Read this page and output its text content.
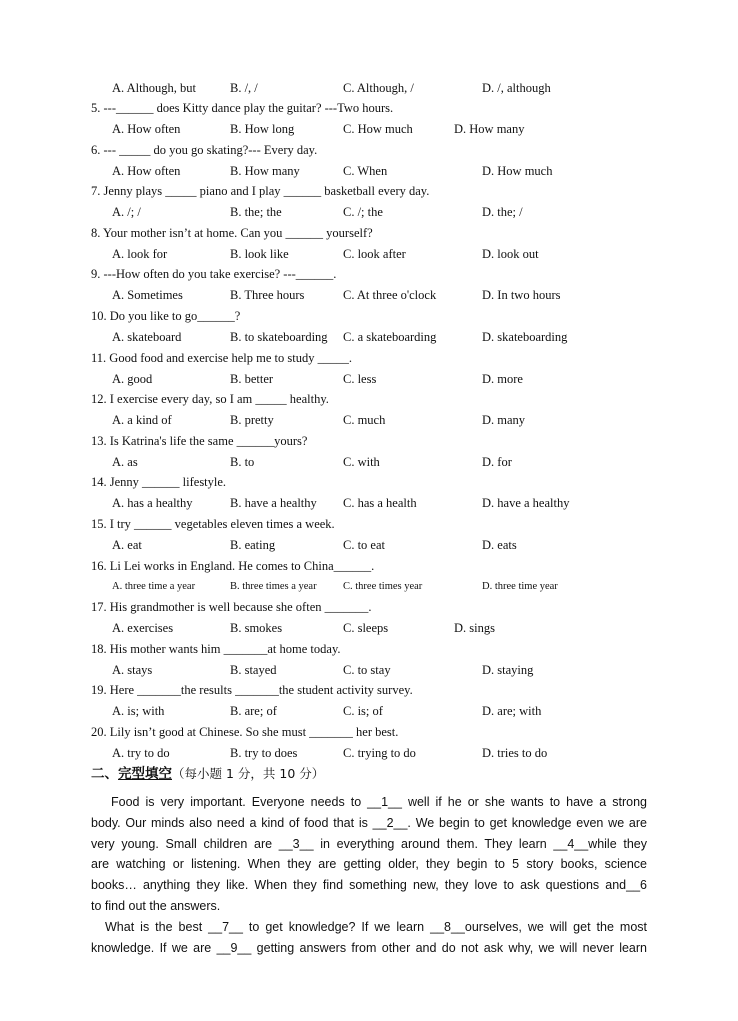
A. Although, but	B. /, /	C. Although, /	D. /, although
5. ---______ does Kitty dance play the guitar? ---Two hours.
A. How often	B. How long	C. How much	D. How many
6. --- _____ do you go skating?--- Every day.
A. How often	B. How many	C. When	D. How much
7. Jenny plays _____ piano and I play ______ basketball every day.
A. /; /	B. the; the	C. /; the	D. the; /
8. Your mother isn’t at home. Can you ______ yourself?
A. look for	B. look like	C. look after	D. look out
9. ---How often do you take exercise? ---______.
A. Sometimes	B. Three hours	C. At three o'clock	D. In two hours
10. Do you like to go______?
A. skateboard	B. to skateboarding C. a skateboarding	D. skateboarding
11. Good food and exercise help me to study _____.
A. good	B. better	C. less	D. more
12. I exercise every day, so I am _____ healthy.
A. a kind of	B. pretty	C. much	D. many
13. Is Katrina's life the same ______yours?
A. as	B. to	C. with	D. for
14. Jenny ______ lifestyle.
A. has a healthy	B. have a healthy C. has a health	D. have a healthy
15. I try ______ vegetables eleven times a week.
A. eat	B. eating	C. to eat	D. eats
16. Li Lei works in England. He comes to China______.
A. three time a year	B. three times a year	C. three times year	D. three time year
17. His grandmother is well because she often _______.
A. exercises	B. smokes	C. sleeps	D. sings
18. His mother wants him _______at home today.
A. stays	B. stayed	C. to stay	D. staying
19. Here _______the results _______the student activity survey.
A. is; with	B. are; of	C. is; of	D. are; with
20. Lily isn’t good at Chinese. So she must _______ her best.
A. try to do	B. try to does	C. trying to do	D. tries to do
二、完型填空（每小题 1 分，共 10 分）
Food is very important. Everyone needs to __1__ well if he or she wants to have a strong
body. Our minds also need a kind of food that is __2__. We begin to get knowledge even we are
very young. Small children are __3__ in everything around them. They learn __4__while they
are watching or listening. When they are getting older, they begin to 5 story books, science
books… anything they like. When they find something new, they love to ask questions and__6
to find out the answers.
What is the best __7__ to get knowledge? If we learn __8__ourselves, we will get the most
knowledge. If we are __9__ getting answers from other and do not ask why, we will never learn
